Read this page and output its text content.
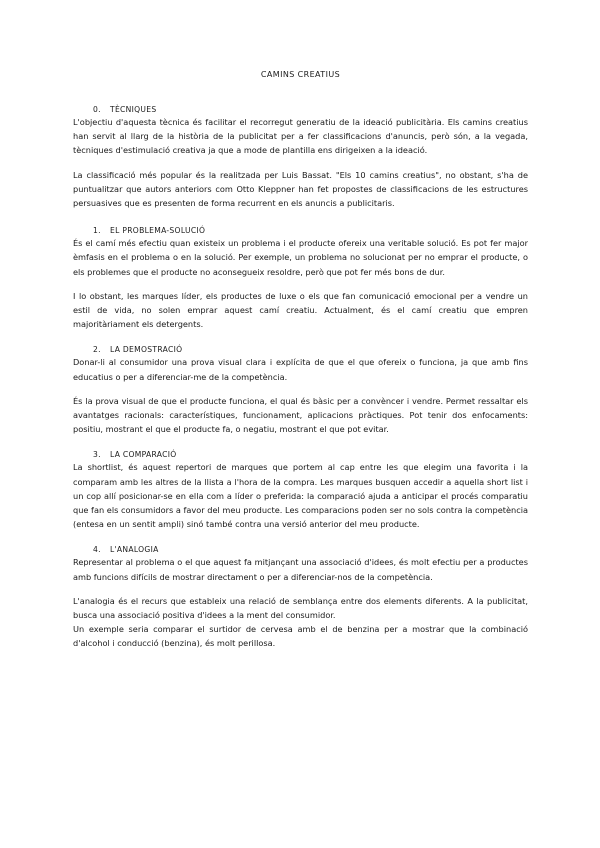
CAMINS CREATIUS
0. TÈCNIQUES

L'objectiu d'aquesta tècnica és facilitar el recorregut generatiu de la ideació publicitària. Els camins creatius han servit al llarg de la història de la publicitat per a fer classificacions d'anuncis, però són, a la vegada, tècniques d'estimulació creativa ja que a mode de plantilla ens dirigeixen a la ideació.

La classificació més popular és la realitzada per Luis Bassat. "Els 10 camins creatius", no obstant, s'ha de puntualitzar que autors anteriors com Otto Kleppner han fet propostes de classificacions de les estructures persuasives que es presenten de forma recurrent en els anuncis a publicitaris.

1. EL PROBLEMA-SOLUCIÓ

És el camí més efectiu quan existeix un problema i el producte ofereix una veritable solució. Es pot fer major èmfasis en el problema o en la solució. Per exemple, un problema no solucionat per no emprar el producte, o els problemes que el producte no aconsegueix resoldre, però que pot fer més bons de dur.

I lo obstant, les marques líder, els productes de luxe o els que fan comunicació emocional per a vendre un estil de vida, no solen emprar aquest camí creatiu. Actualment, és el camí creatiu que empren majoritàriament els detergents.

2. LA DEMOSTRACIÓ

Donar-li al consumidor una prova visual clara i explícita de que el que ofereix o funciona, ja que amb fins educatius o per a diferenciar-me de la competència.

És la prova visual de que el producte funciona, el qual és bàsic per a convèncer i vendre. Permet ressaltar els avantatges racionals: característiques, funcionament, aplicacions pràctiques. Pot tenir dos enfocaments: positiu, mostrant el que el producte fa, o negatiu, mostrant el que pot evitar.

3. LA COMPARACIÓ

La shortlist, és aquest repertori de marques que portem al cap entre les que elegim una favorita i la comparam amb les altres de la llista a l'hora de la compra. Les marques busquen accedir a aquella short list i un cop allí posicionar-se en ella com a líder o preferida: la comparació ajuda a anticipar el procés comparatiu que fan els consumidors a favor del meu producte. Les comparacions poden ser no sols contra la competència (entesa en un sentit ampli) sinó també contra una versió anterior del meu producte.

4. L'ANALOGIA

Representar al problema o el que aquest fa mitjançant una associació d'idees, és molt efectiu per a productes amb funcions difícils de mostrar directament o per a diferenciar-nos de la competència.

L'analogia és el recurs que estableix una relació de semblança entre dos elements diferents. A la publicitat, busca una associació positiva d'idees a la ment del consumidor.

Un exemple seria comparar el surtidor de cervesa amb el de benzina per a mostrar que la combinació d'alcohol i conducció (benzina), és molt perillosa.
